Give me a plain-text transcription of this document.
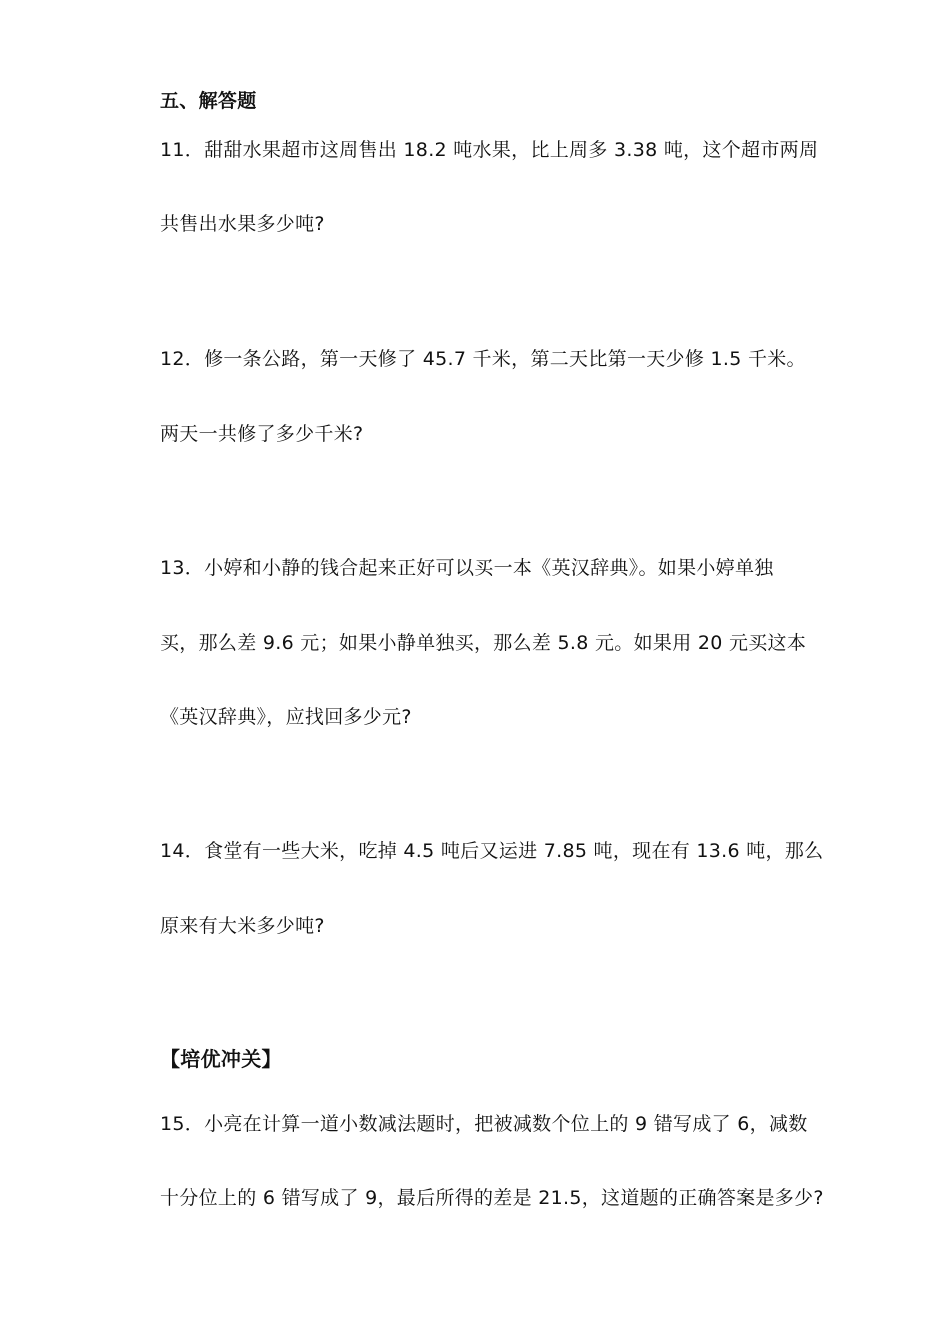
五、解答题
11．甜甜水果超市这周售出 18.2 吨水果，比上周多 3.38 吨，这个超市两周
共售出水果多少吨?
12．修一条公路，第一天修了 45.7 千米，第二天比第一天少修 1.5 千米。
两天一共修了多少千米?
13．小婷和小静的钱合起来正好可以买一本《英汉辞典》。如果小婷单独
买，那么差 9.6 元；如果小静单独买，那么差 5.8 元。如果用 20 元买这本
《英汉辞典》，应找回多少元?
14．食堂有一些大米，吃掉 4.5 吨后又运进 7.85 吨，现在有 13.6 吨，那么
原来有大米多少吨?
【培优冲关】
15．小亮在计算一道小数减法题时，把被减数个位上的 9 错写成了 6，减数
十分位上的 6 错写成了 9，最后所得的差是 21.5，这道题的正确答案是多少?
